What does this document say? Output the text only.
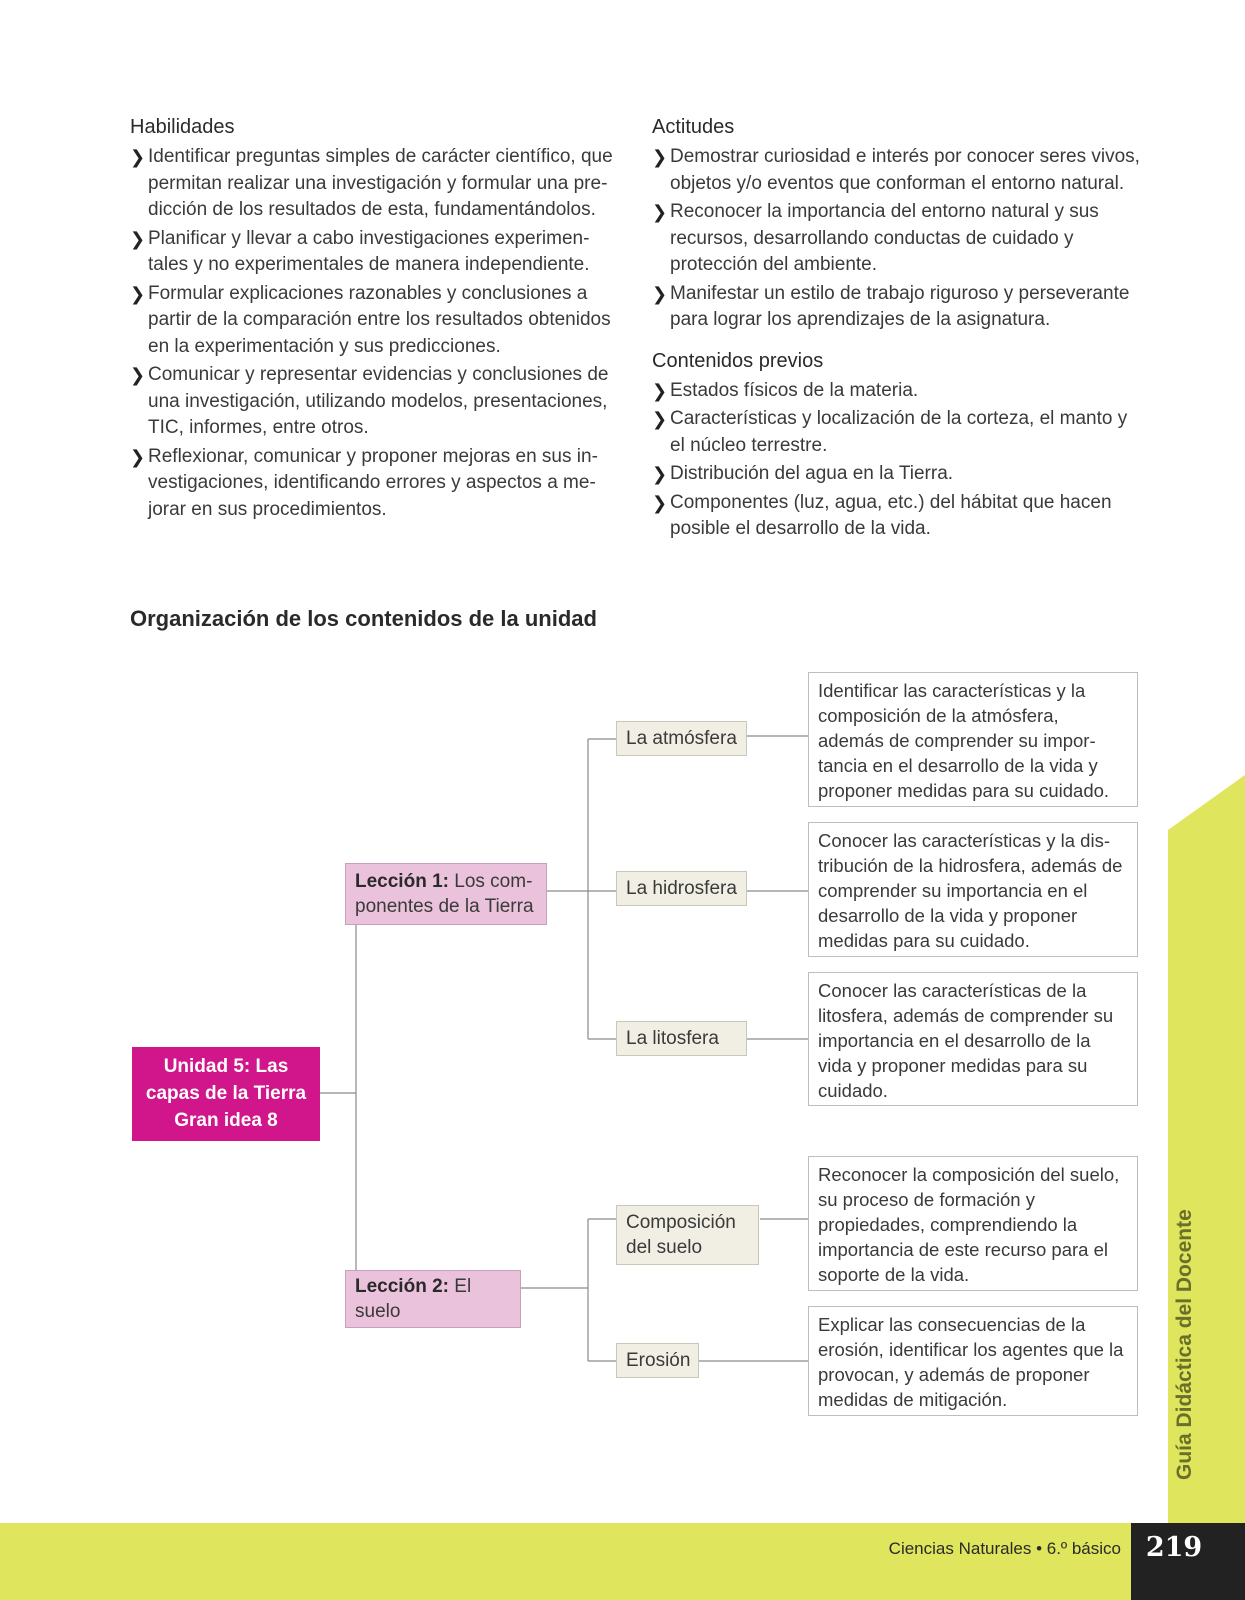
Habilidades
❯ Identificar preguntas simples de carácter científico, que permitan realizar una investigación y formular una predicción de los resultados de esta, fundamentándolos.
❯ Planificar y llevar a cabo investigaciones experimentales y no experimentales de manera independiente.
❯ Formular explicaciones razonables y conclusiones a partir de la comparación entre los resultados obtenidos en la experimentación y sus predicciones.
❯ Comunicar y representar evidencias y conclusiones de una investigación, utilizando modelos, presentaciones, TIC, informes, entre otros.
❯ Reflexionar, comunicar y proponer mejoras en sus investigaciones, identificando errores y aspectos a mejorar en sus procedimientos.
Actitudes
❯ Demostrar curiosidad e interés por conocer seres vivos, objetos y/o eventos que conforman el entorno natural.
❯ Reconocer la importancia del entorno natural y sus recursos, desarrollando conductas de cuidado y protección del ambiente.
❯ Manifestar un estilo de trabajo riguroso y perseverante para lograr los aprendizajes de la asignatura.
Contenidos previos
❯ Estados físicos de la materia.
❯ Características y localización de la corteza, el manto y el núcleo terrestre.
❯ Distribución del agua en la Tierra.
❯ Componentes (luz, agua, etc.) del hábitat que hacen posible el desarrollo de la vida.
Organización de los contenidos de la unidad
Unidad 5: Las
capas de la Tierra
Gran idea 8
Lección 1: Los componentes de la Tierra
Lección 2: El suelo
La atmósfera
La hidrosfera
La litosfera
Composición del suelo
Erosión
Identificar las características y la composición de la atmósfera, además de comprender su importancia en el desarrollo de la vida y proponer medidas para su cuidado.
Conocer las características y la distribución de la hidrosfera, además de comprender su importancia en el desarrollo de la vida y proponer medidas para su cuidado.
Conocer las características de la litosfera, además de comprender su importancia en el desarrollo de la vida y proponer medidas para su cuidado.
Reconocer la composición del suelo, su proceso de formación y propiedades, comprendiendo la importancia de este recurso para el soporte de la vida.
Explicar las consecuencias de la erosión, identificar los agentes que la provocan, y además de proponer medidas de mitigación.	Guía Didáctica del Docente
Ciencias Naturales • 6.º básico 219
